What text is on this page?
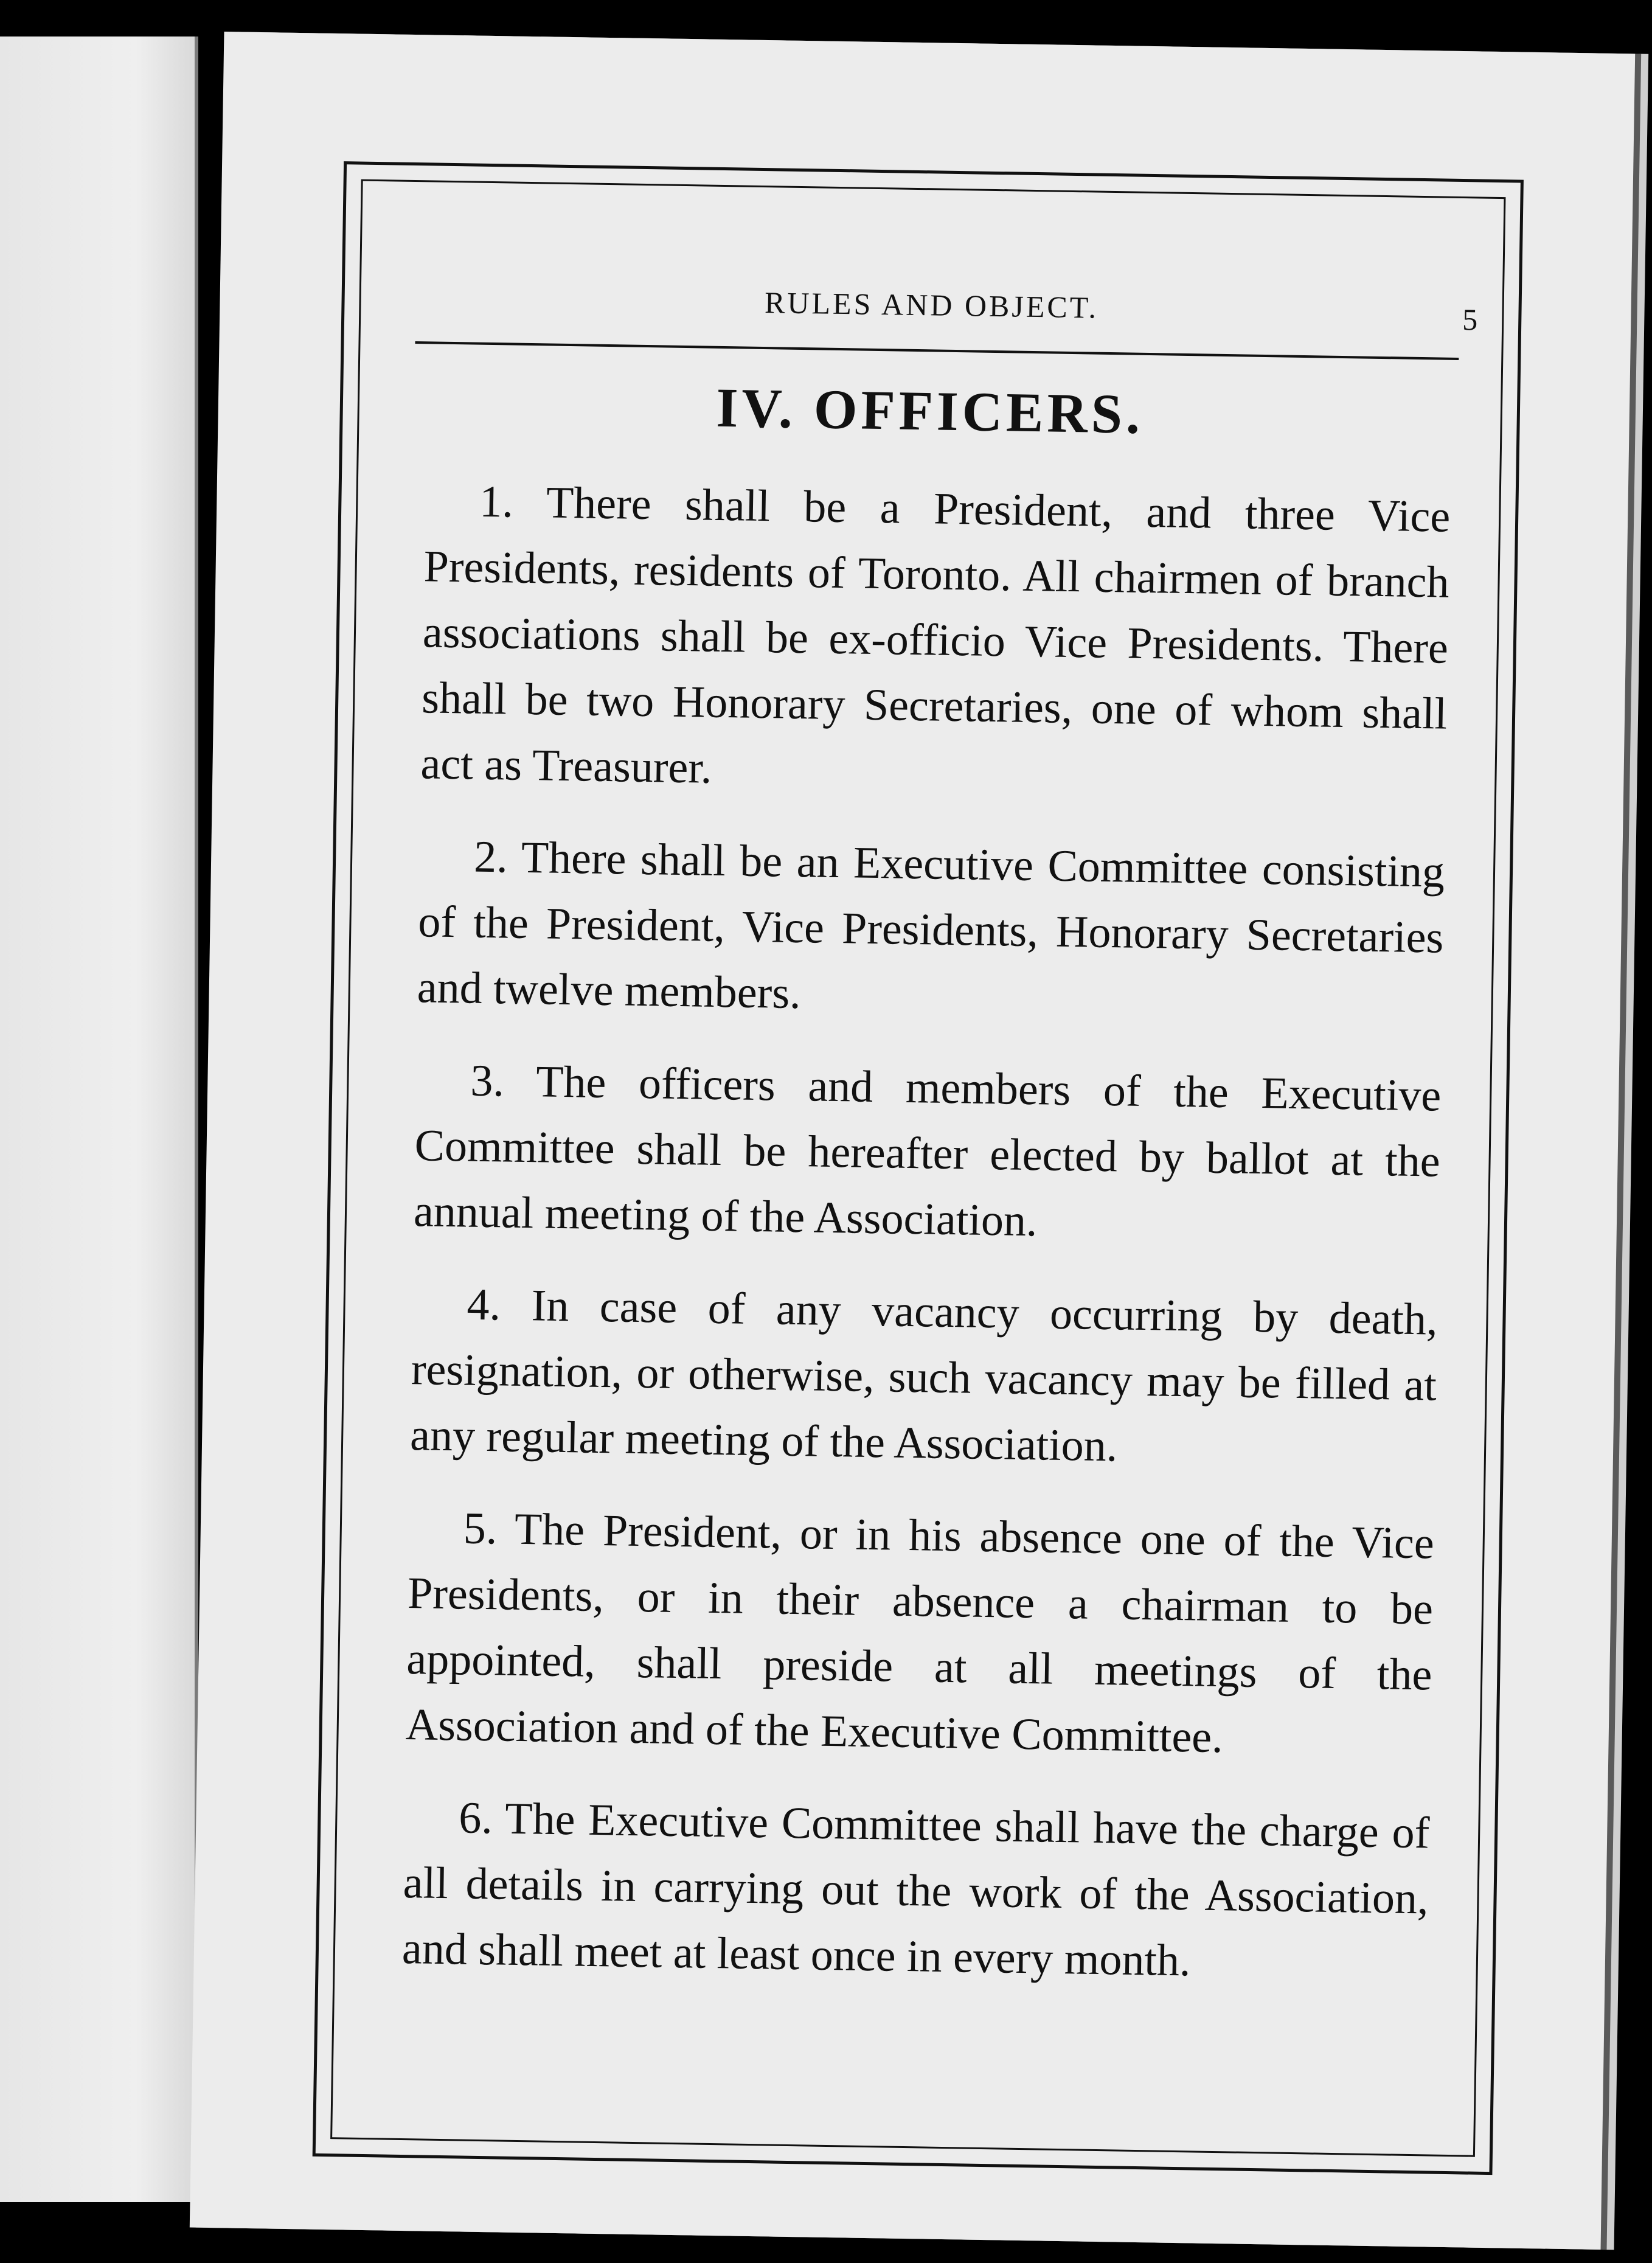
RULES AND OBJECT.	5
IV. OFFICERS.

1. There shall be a President, and three Vice Presidents, residents of Toronto. All chairmen of branch associations shall be ex-officio Vice Presidents. There shall be two Honorary Secretaries, one of whom shall act as Treasurer.

2. There shall be an Executive Committee consisting of the President, Vice Presidents, Honorary Secretaries and twelve members.

3. The officers and members of the Executive Committee shall be hereafter elected by ballot at the annual meeting of the Association.

4. In case of any vacancy occurring by death, resignation, or otherwise, such vacancy may be filled at any regular meeting of the Association.

5. The President, or in his absence one of the Vice Presidents, or in their absence a chairman to be appointed, shall preside at all meetings of the Association and of the Executive Committee.

6. The Executive Committee shall have the charge of all details in carrying out the work of the Association, and shall meet at least once in every month.
